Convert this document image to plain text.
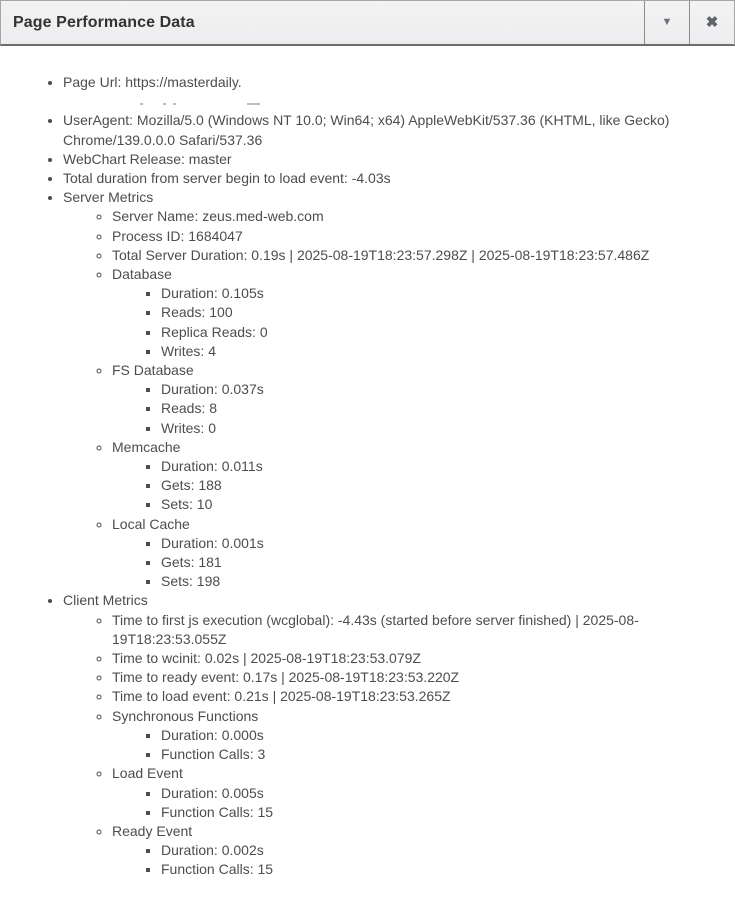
Page Performance Data	▼ ✖
• Page Url: https://masterdaily.
• UserAgent: Mozilla/5.0 (Windows NT 10.0; Win64; x64) AppleWebKit/537.36 (KHTML, like Gecko) Chrome/139.0.0.0 Safari/537.36
• WebChart Release: master
• Total duration from server begin to load event: -4.03s
• Server Metrics
◦ Server Name: zeus.med-web.com
◦ Process ID: 1684047
◦ Total Server Duration: 0.19s | 2025-08-19T18:23:57.298Z | 2025-08-19T18:23:57.486Z
◦ Database
▪ Duration: 0.105s
▪ Reads: 100
▪ Replica Reads: 0
▪ Writes: 4
◦ FS Database
▪ Duration: 0.037s
▪ Reads: 8
▪ Writes: 0
◦ Memcache
▪ Duration: 0.011s
▪ Gets: 188
▪ Sets: 10
◦ Local Cache
▪ Duration: 0.001s
▪ Gets: 181
▪ Sets: 198
• Client Metrics
◦ Time to first js execution (wcglobal): -4.43s (started before server finished) | 2025-08-19T18:23:53.055Z
◦ Time to wcinit: 0.02s | 2025-08-19T18:23:53.079Z
◦ Time to ready event: 0.17s | 2025-08-19T18:23:53.220Z
◦ Time to load event: 0.21s | 2025-08-19T18:23:53.265Z
◦ Synchronous Functions
▪ Duration: 0.000s
▪ Function Calls: 3
◦ Load Event
▪ Duration: 0.005s
▪ Function Calls: 15
◦ Ready Event
▪ Duration: 0.002s
▪ Function Calls: 15
